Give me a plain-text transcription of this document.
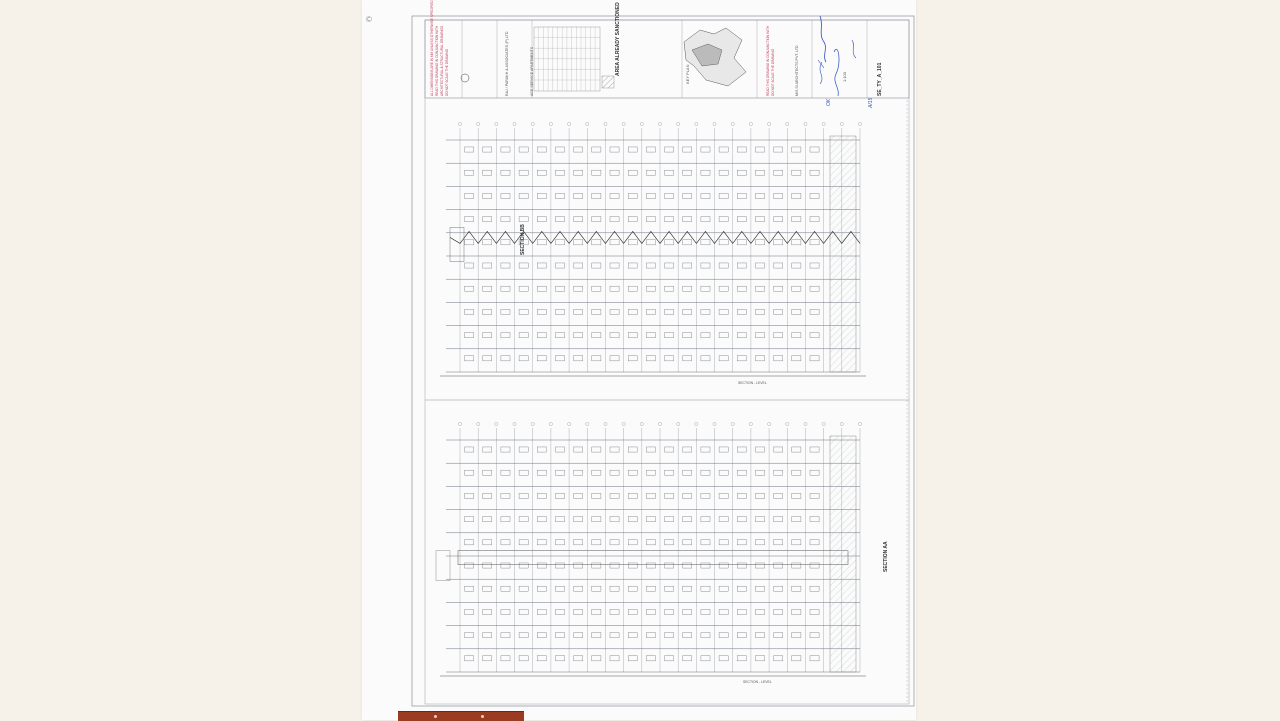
©
SECTION BB
SECTION AA
SECTION - LEVEL
SECTION - LEVEL
AREA ALREADY SANCTIONED	KEY PLAN
RAJ / PARAKH & ASSOCIATES (P) LTD	ACE SERVICE APARTMENTS	M/S SI ARCHITECTS PVT. LTD	1:100	SE_TY_A_101
ALL DIMENSIONS ARE IN MM UNLESS OTHERWISE SPECIFIED READ THIS DRAWING IN CONJUNCTION WITH ARCHITECTURAL & STRUCTURAL DRAWINGS DO NOT SCALE THE DRAWING	READ THIS DRAWING IN CONJUNCTION WITH DO NOT SCALE THE DRAWING
A/15
OK
